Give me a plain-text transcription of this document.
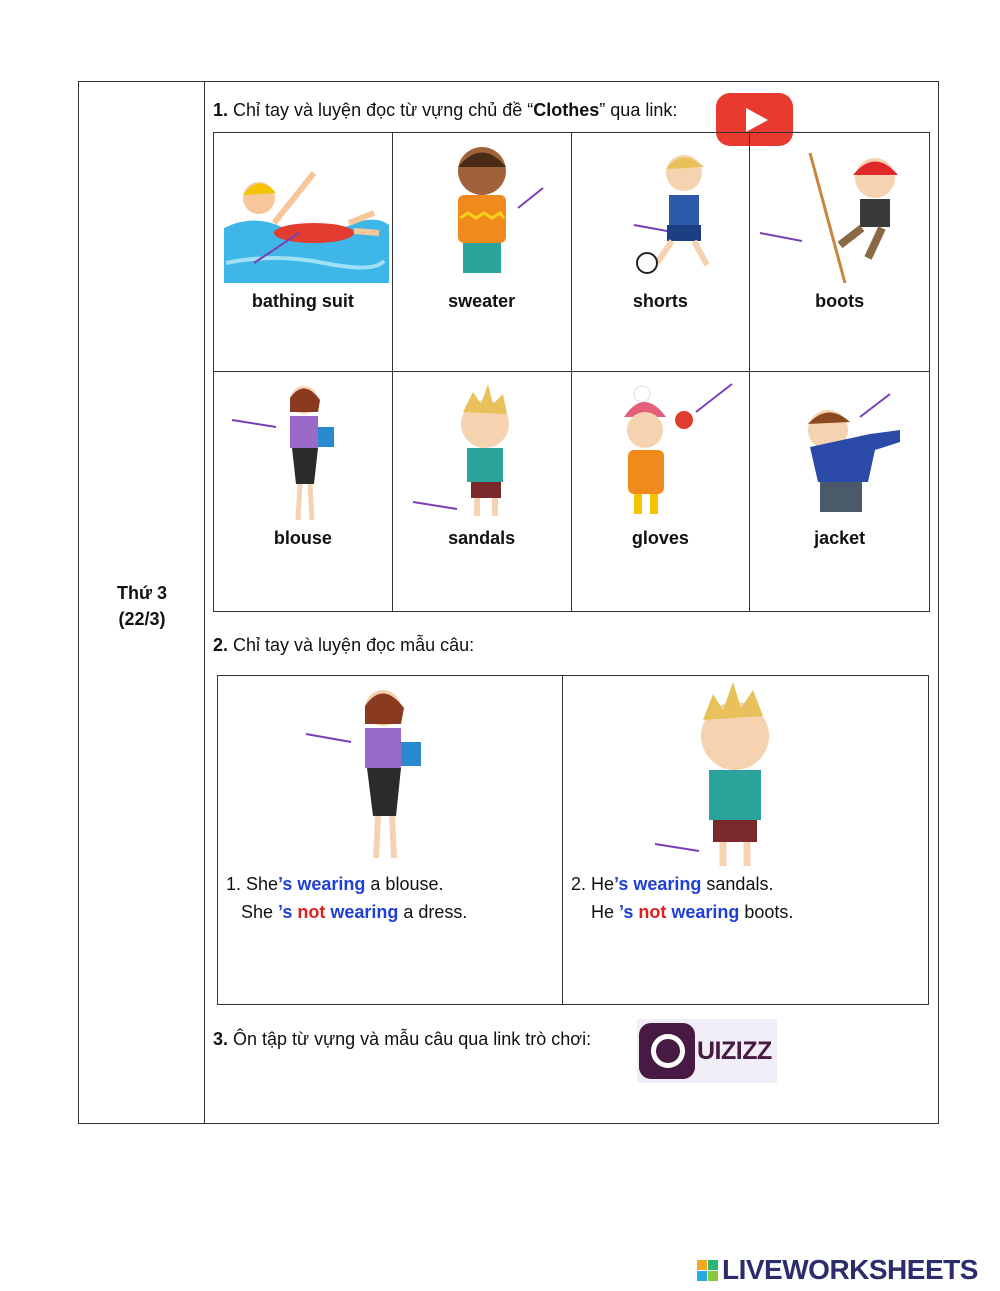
Thứ 3
(22/3)
1. Chỉ tay và luyện đọc từ vựng chủ đề “Clothes” qua link:
bathing suit	sweater	shorts	boots
blouse	sandals	gloves	jacket
2. Chỉ tay và luyện đọc mẫu câu:
1. She’s wearing a blouse.
She ’s not wearing a dress.
2. He’s wearing sandals.
He ’s not wearing boots.
3. Ôn tập từ vựng và mẫu câu qua link trò chơi:	UIZIZZ
LIVEWORKSHEETS
